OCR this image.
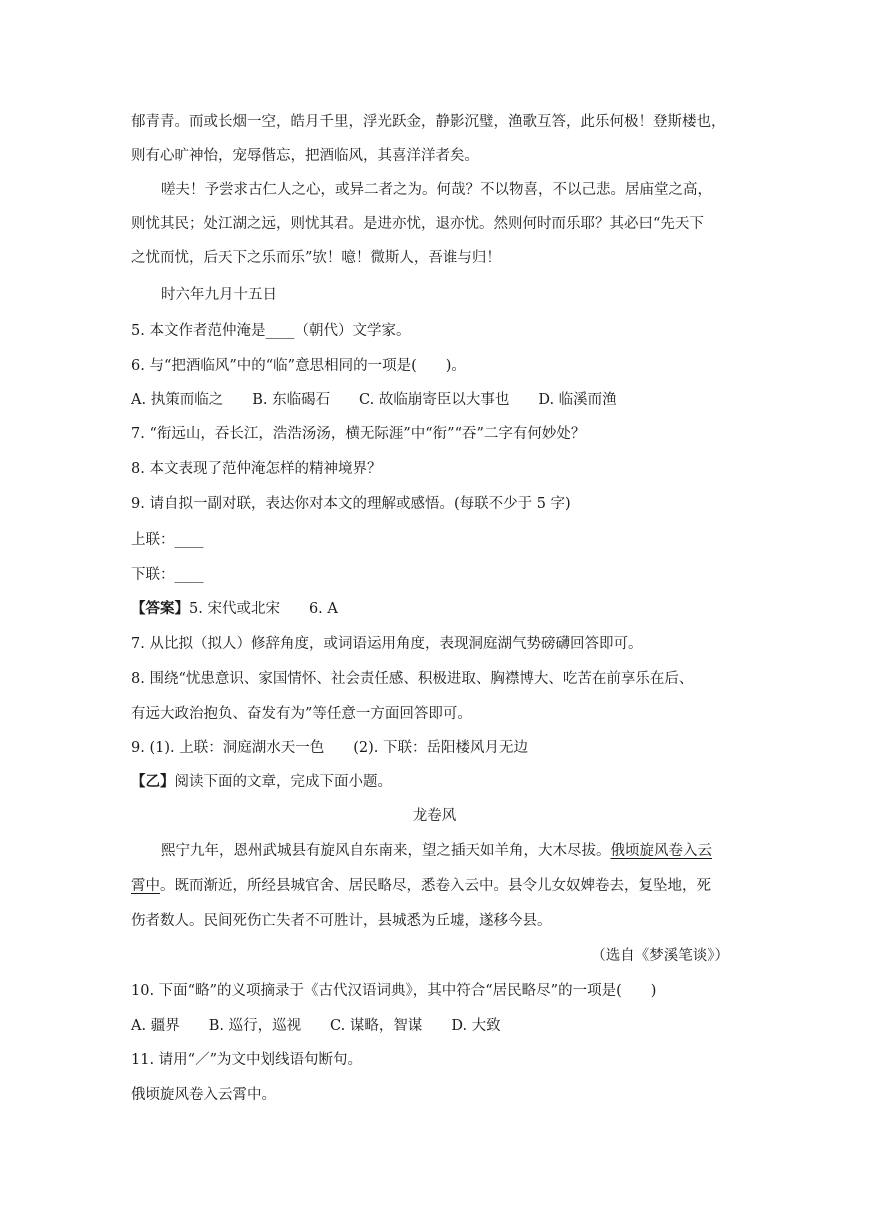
郁青青。而或长烟一空，皓月千里，浮光跃金，静影沉璧，渔歌互答，此乐何极！登斯楼也，
则有心旷神怡，宠辱偕忘，把酒临风，其喜洋洋者矣。
嗟夫！予尝求古仁人之心，或异二者之为。何哉？不以物喜，不以己悲。居庙堂之高，
则忧其民；处江湖之远，则忧其君。是进亦忧，退亦忧。然则何时而乐耶？其必曰“先天下
之忧而忧，后天下之乐而乐”欤！噫！微斯人，吾谁与归！
时六年九月十五日
5. 本文作者范仲淹是____（朝代）文学家。
6. 与“把酒临风”中的“临”意思相同的一项是(　　)。
A. 执策而临之　　B. 东临碣石　　C. 故临崩寄臣以大事也　　D. 临溪而渔
7. “衔远山，吞长江，浩浩汤汤，横无际涯”中“衔”“吞”二字有何妙处？
8. 本文表现了范仲淹怎样的精神境界？
9. 请自拟一副对联，表达你对本文的理解或感悟。(每联不少于 5 字)
上联：____
下联：____
【答案】5. 宋代或北宋　　6. A
7. 从比拟（拟人）修辞角度，或词语运用角度，表现洞庭湖气势磅礴回答即可。
8. 围绕“忧患意识、家国情怀、社会责任感、积极进取、胸襟博大、吃苦在前享乐在后、
有远大政治抱负、奋发有为”等任意一方面回答即可。
9. (1). 上联：洞庭湖水天一色　　(2). 下联：岳阳楼风月无边
【乙】阅读下面的文章，完成下面小题。
龙卷风
熙宁九年，恩州武城县有旋风自东南来，望之插天如羊角，大木尽拔。俄顷旋风卷入云
霄中。既而渐近，所经县城官舍、居民略尽，悉卷入云中。县令儿女奴婢卷去，复坠地，死
伤者数人。民间死伤亡失者不可胜计，县城悉为丘墟，遂移今县。
（选自《梦溪笔谈》）
10. 下面“略”的义项摘录于《古代汉语词典》，其中符合“居民略尽”的一项是(　　)
A. 疆界　　B. 巡行，巡视　　C. 谋略，智谋　　D. 大致
11. 请用“／”为文中划线语句断句。
俄顷旋风卷入云霄中。
